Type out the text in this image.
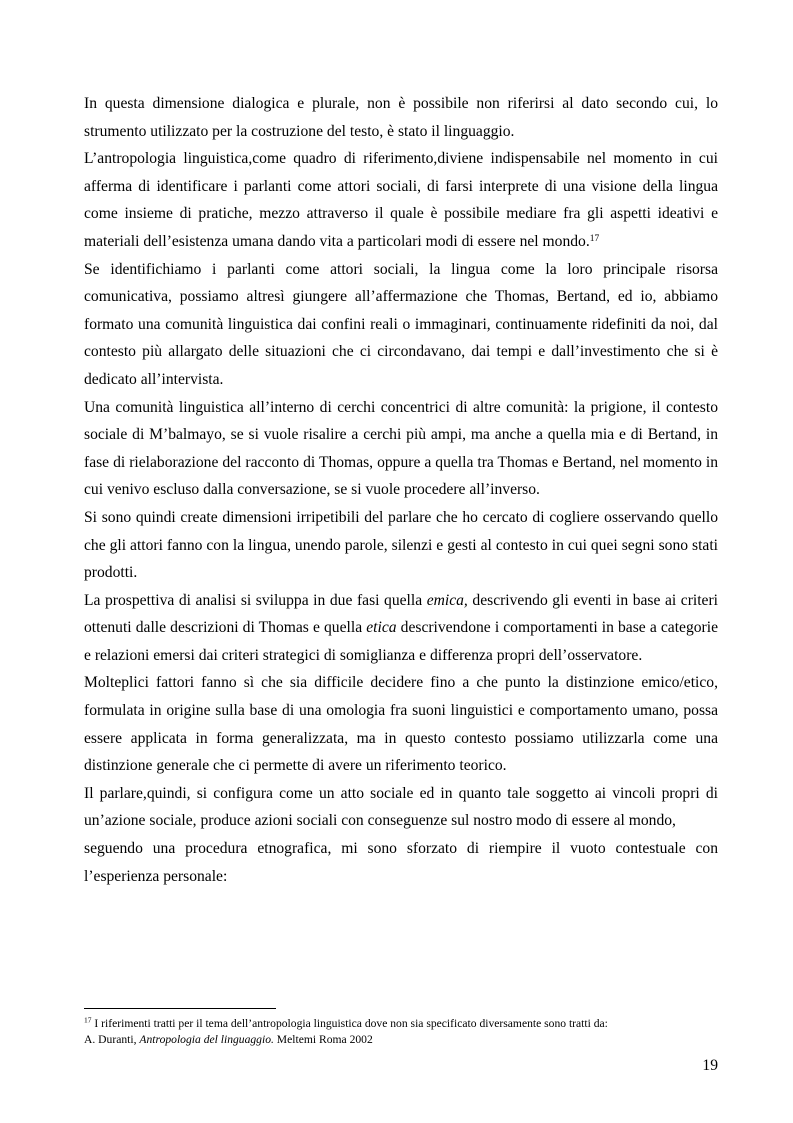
In questa dimensione dialogica e plurale, non è possibile non riferirsi al dato secondo cui, lo strumento utilizzato per la costruzione del testo, è stato il linguaggio.

L’antropologia linguistica,come quadro di riferimento,diviene indispensabile nel momento in cui afferma di identificare i parlanti come attori sociali, di farsi interprete di una visione della lingua come insieme di pratiche, mezzo attraverso il quale è possibile mediare fra gli aspetti ideativi e materiali dell’esistenza umana dando vita a particolari modi di essere nel mondo.$^{17}$

Se identifichiamo i parlanti come attori sociali, la lingua come la loro principale risorsa comunicativa, possiamo altresì giungere all’affermazione che Thomas, Bertand, ed io, abbiamo formato una comunità linguistica dai confini reali o immaginari, continuamente ridefiniti da noi, dal contesto più allargato delle situazioni che ci circondavano, dai tempi e dall’investimento che si è dedicato all’intervista.

Una comunità linguistica all’interno di cerchi concentrici di altre comunità: la prigione, il contesto sociale di M’balmayo, se si vuole risalire a cerchi più ampi, ma anche a quella mia e di Bertand, in fase di rielaborazione del racconto di Thomas, oppure a quella tra Thomas e Bertand, nel momento in cui venivo escluso dalla conversazione, se si vuole procedere all’inverso.

Si sono quindi create dimensioni irripetibili del parlare che ho cercato di cogliere osservando quello che gli attori fanno con la lingua, unendo parole, silenzi e gesti al contesto in cui quei segni sono stati prodotti.

La prospettiva di analisi si sviluppa in due fasi quella emica, descrivendo gli eventi in base ai criteri ottenuti dalle descrizioni di Thomas e quella etica descrivendone i comportamenti in base a categorie e relazioni emersi dai criteri strategici di somiglianza e differenza propri dell’osservatore.

Molteplici fattori fanno sì che sia difficile decidere fino a che punto la distinzione emico/etico, formulata in origine sulla base di una omologia fra suoni linguistici e comportamento umano, possa essere applicata in forma generalizzata, ma in questo contesto possiamo utilizzarla come una distinzione generale che ci permette di avere un riferimento teorico.

Il parlare,quindi, si configura come un atto sociale ed in quanto tale soggetto ai vincoli propri di un’azione sociale, produce azioni sociali con conseguenze sul nostro modo di essere al mondo,

seguendo una procedura etnografica, mi sono sforzato di riempire il vuoto contestuale con l’esperienza personale:

$^{17}$ I riferimenti tratti per il tema dell’antropologia linguistica dove non sia specificato diversamente sono tratti da:

A. Duranti, Antropologia del linguaggio. Meltemi Roma 2002

19
